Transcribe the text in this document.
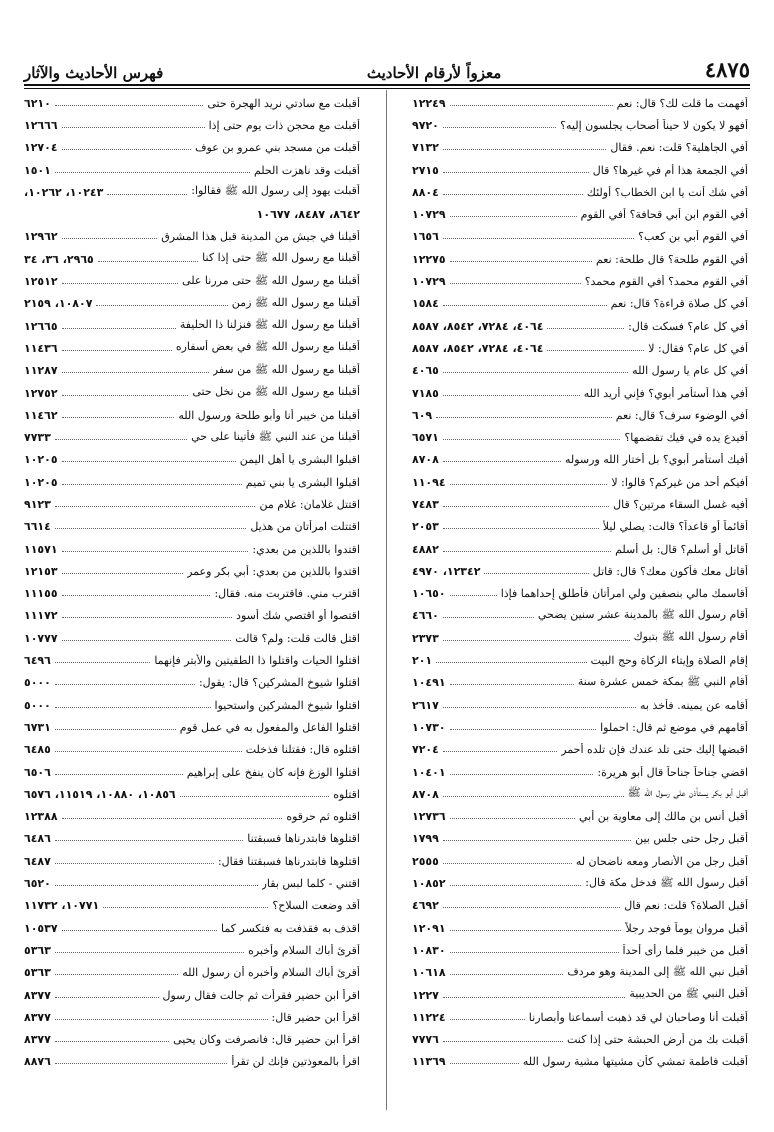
٤٨٧٥
معزواً لأرقام الأحاديث
فهرس الأحاديث والآثار
أفهمت ما قلت لك؟ قال: نعم
١٢٢٤٩
أفهو لا يكون لا حيناً أصحاب يجلسون إليه؟
٩٧٢٠
أفي الجاهلية؟ قلت: نعم. فقال
٧١٣٢
أفي الجمعة هذا أم في غيرها؟ قال
٢٧١٥
أفي شك أنت يا ابن الخطاب؟ أولئك
٨٨٠٤
أفي القوم ابن أبي قحافة؟ أفي القوم
١٠٧٢٩
أفي القوم أبي بن كعب؟
١٦٥٦
أفي القوم طلحة؟ قال طلحة: نعم
١٢٢٧٥
أفي القوم محمد؟ أفي القوم محمد؟
١٠٧٢٩
أفي كل صلاة قراءة؟ قال: نعم
١٥٨٤
أفي كل عام؟ فسكت قال:
٤٠٦٤، ٧٢٨٤، ٨٥٤٢، ٨٥٨٧
أفي كل عام؟ فقال: لا
٤٠٦٤، ٧٢٨٤، ٨٥٤٢، ٨٥٨٧
أفي كل عام يا رسول الله
٤٠٦٥
أفي هذا أستأمر أبوي؟ فإني أريد الله
٧١٨٥
أفي الوضوء سرف؟ قال: نعم
٦٠٩
أفيدع يده في فيك تقضمها؟
٦٥٧١
أفيك أستأمر أبوي؟ بل أختار الله ورسوله
٨٧٠٨
أفيكم أحد من غيركم؟ قالوا: لا
١١٠٩٤
أفيه غسل السقاء مرتين؟ قال
٧٤٨٣
أقائماً أو قاعداً؟ قالت: يصلي ليلاً
٢٠٥٣
أقاتل أو أسلم؟ قال: بل أسلم
٤٨٨٢
أقاتل معك فأكون معك؟ قال: قاتل
١٢٣٤٢، ٤٩٧٠
أقاسمك مالي بنصفين ولي امرأتان فأطلق إحداهما فإذا
١٠٦٥٠
أقام رسول الله ﷺ بالمدينة عشر سنين يضحي
٤٦٦٠
أقام رسول الله ﷺ بتبوك
٢٣٧٣
إقام الصلاة وإيتاء الزكاة وحج البيت
٢٠١
أقام النبي ﷺ بمكة خمس عشرة سنة
١٠٤٩١
أقامه عن يمينه. فأخذ به
٢٦١٧
أقامهم في موضع ثم قال: احملوا
١٠٧٣٠
اقبضها إليك حتى تلد عندك فإن تلده أحمر
٧٢٠٤
اقضي جناحاً جناحاً قال أبو هريرة:
١٠٤٠١
أقبل أبو بكر يستأذن على رسول الله ﷺ
٨٧٠٨
أقبل أنس بن مالك إلى معاوية بن أبي
١٢٧٣٦
أقبل رجل حتى جلس بين
١٧٩٩
أقبل رجل من الأنصار ومعه ناضحان له
٢٥٥٥
أقبل رسول الله ﷺ فدخل مكة قال:
١٠٨٥٢
أقبل الصلاة؟ قلت: نعم قال
٤٦٩٢
أقبل مروان يوماً فوجد رجلاً
١٢٠٩١
أقبل من خيبر فلما رأى أحداً
١٠٨٣٠
أقبل نبي الله ﷺ إلى المدينة وهو مردف
١٠٦١٨
أقبل النبي ﷺ من الحديبية
١٢٢٧
أقبلت أنا وصاحبان لي قد ذهبت أسماعنا وأبصارنا
١١٢٢٤
أقبلت بك من أرض الحبشة حتى إذا كنت
٧٧٧٦
أقبلت فاطمة تمشي كأن مشيتها مشية رسول الله
١١٣٦٩
أقبلت مع سادتي نريد الهجرة حتى
٦٢١٠
أقبلت مع محجن ذات يوم حتى إذا
١٢٦٦٦
أقبلت من مسجد بني عمرو بن عوف
١٢٧٠٤
أقبلت وقد ناهزت الحلم
١٥٠١
أقبلت يهود إلى رسول الله ﷺ فقالوا:
١٠٢٤٣، ١٠٢٦٢،
٨٦٤٢، ٨٤٨٧، ١٠٦٧٧
أقبلنا في جيش من المدينة قبل هذا المشرق
١٢٩٦٢
أقبلنا مع رسول الله ﷺ حتى إذا كنا
٢٩٦٥، ٣٦، ٣٤
أقبلنا مع رسول الله ﷺ حتى مررنا على
١٢٥١٢
أقبلنا مع رسول الله ﷺ زمن
١٠٨٠٧، ٢١٥٩
أقبلنا مع رسول الله ﷺ فنزلنا ذا الحليفة
١٢٦٦٥
أقبلنا مع رسول الله ﷺ في بعض أسفاره
١١٤٣٦
أقبلنا مع رسول الله ﷺ من سفر
١١٢٨٧
أقبلنا مع رسول الله ﷺ من نخل حتى
١٢٧٥٢
أقبلنا من خيبر أنا وأبو طلحة ورسول الله
١١٤٦٢
أقبلنا من عند النبي ﷺ فأتينا على حي
٧٧٣٣
اقبلوا البشرى يا أهل اليمن
١٠٢٠٥
اقبلوا البشرى يا بني تميم
١٠٢٠٥
اقتتل غلامان: غلام من
٩١٢٣
اقتتلت امرأتان من هذيل
٦٦١٤
اقتدوا باللذين من بعدي:
١١٥٧١
اقتدوا باللذين من بعدي: أبي بكر وعمر
١٢١٥٣
اقترب مني. فاقتربت منه. فقال:
١١١٥٥
اقتصوا أو اقتصي شك أسود
١١١٧٢
اقتل قالت قلت: ولم؟ قالت
١٠٧٧٧
اقتلوا الحيات واقتلوا ذا الطفيتين والأبتر فإنهما
٦٤٩٦
اقتلوا شيوخ المشركين؟ قال: يقول:
٥٠٠٠
اقتلوا شيوخ المشركين واستحيوا
٥٠٠٠
اقتلوا الفاعل والمفعول به في عمل قوم
٦٧٣١
اقتلوه قال: فقتلنا فذخلت
٦٤٨٥
اقتلوا الوزغ فإنه كان ينفخ على إبراهيم
٦٥٠٦
اقتلوه
١٠٨٥٦، ١٠٨٨٠، ١١٥١٩، ٦٥٧٦
اقتلوه ثم حرقوه
١٢٣٨٨
اقتلوها فابتدرناها فسبقتنا
٦٤٨٦
اقتلوها فابتدرناها فسبقتنا فقال:
٦٤٨٧
اقتني - كلما لبس بقار
٦٥٢٠
أقد وضعت السلاح؟
١٠٧٧١، ١١٧٣٢
اقذف به فقذفت به فتكسر كما
١٠٥٣٧
أقرئ أباك السلام وأخبره
٥٣٦٣
أقرئ أباك السلام وأخبره أن رسول الله
٥٣٦٣
اقرأ ابن حضير فقرأت ثم جالت فقال رسول
٨٣٧٧
اقرأ ابن حضير قال:
٨٣٧٧
اقرأ ابن حضير قال: فانصرفت وكان يحيى
٨٣٧٧
اقرأ بالمعوذتين فإنك لن تقرأ
٨٨٧٦
